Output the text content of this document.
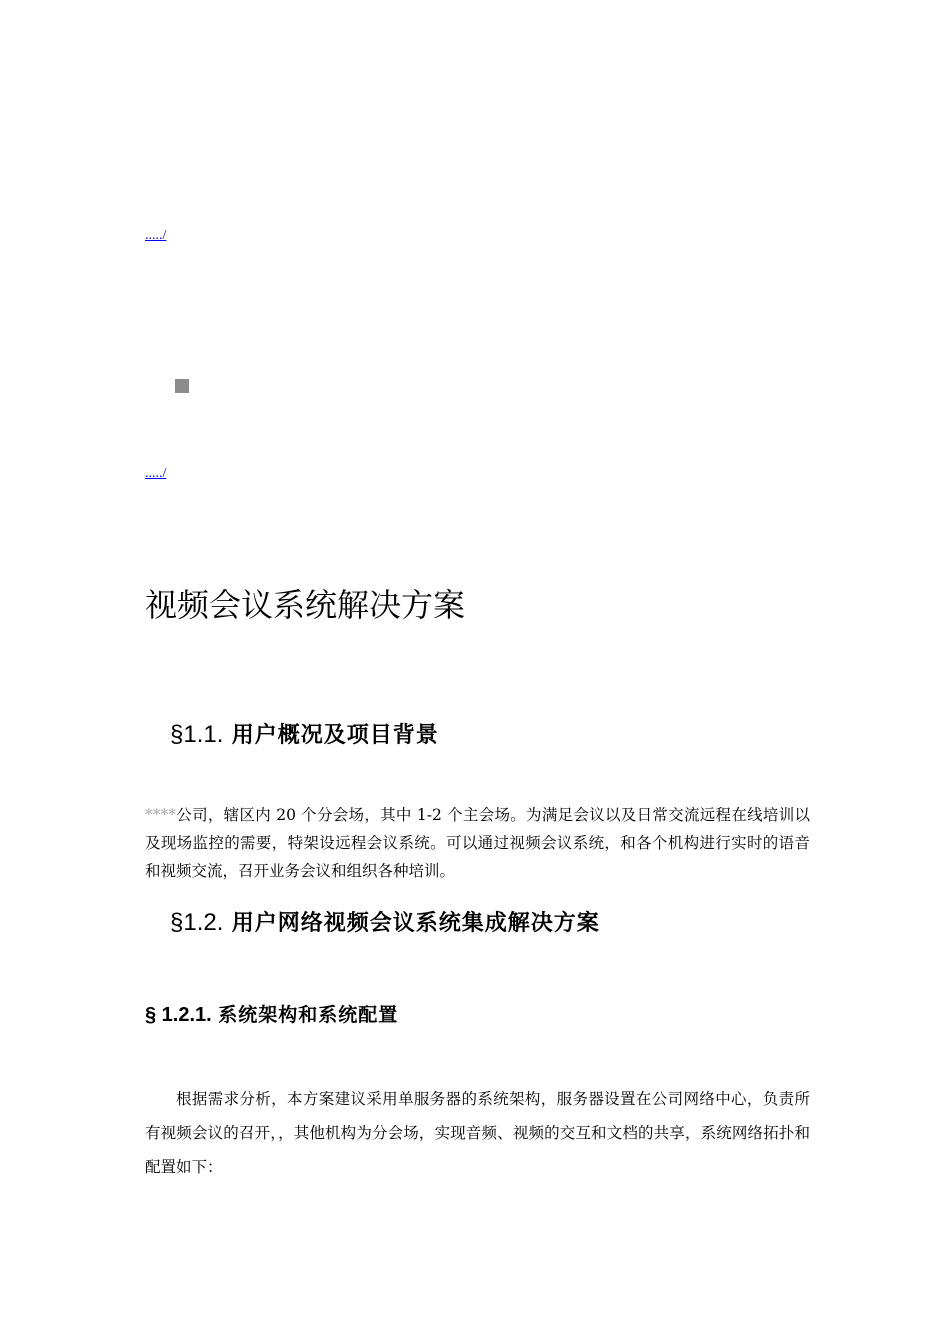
...../
...../
视频会议系统解决方案
§1.1. 用户概况及项目背景

****公司，辖区内 20 个分会场，其中 1-2 个主会场。为满足会议以及日常交流远程在线培训以及现场监控的需要，特架设远程会议系统。可以通过视频会议系统，和各个机构进行实时的语音和视频交流，召开业务会议和组织各种培训。

§1.2. 用户网络视频会议系统集成解决方案
§ 1.2.1. 系统架构和系统配置

根据需求分析，本方案建议采用单服务器的系统架构，服务器设置在公司网络中心，负责所有视频会议的召开，，其他机构为分会场，实现音频、视频的交互和文档的共享，系统网络拓扑和配置如下：
